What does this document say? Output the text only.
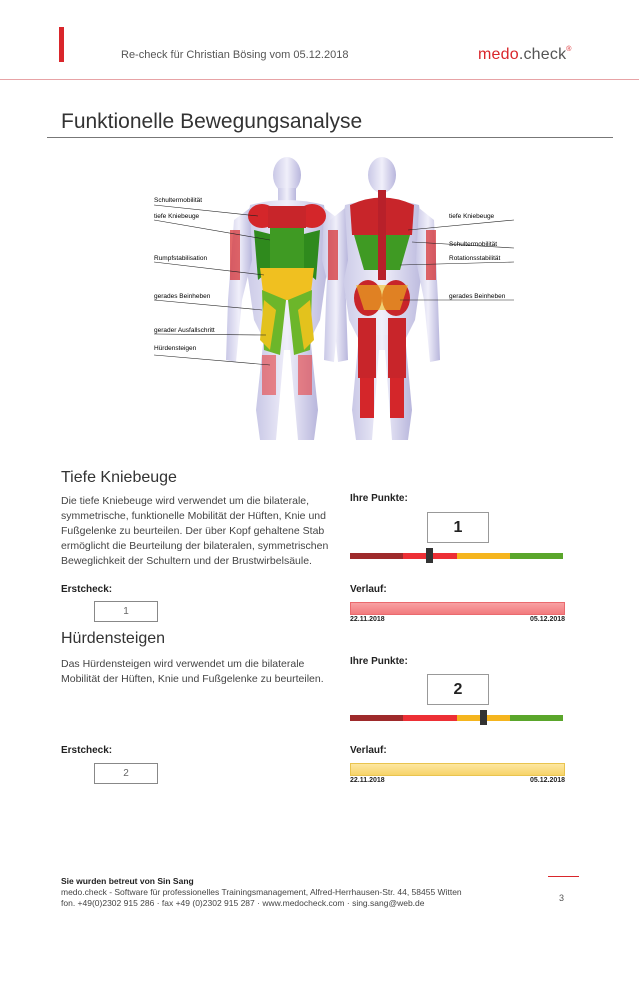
Re-check für Christian Bösing vom 05.12.2018	medo.check®
Funktionelle Bewegungsanalyse
Schultermobilität
tiefe Kniebeuge
Rumpfstabilisation
gerades Beinheben
gerader Ausfallschritt
Hürdensteigen
tiefe Kniebeuge
Schultermobilität
Rotationsstabilität
gerades Beinheben
Tiefe Kniebeuge
Die tiefe Kniebeuge wird verwendet um die bilaterale, symmetrische, funktionelle Mobilität der Hüften, Knie und Fußgelenke zu beurteilen. Der über Kopf gehaltene Stab ermöglicht die Beurteilung der bilateralen, symmetrischen Beweglichkeit der Schultern und der Brustwirbelsäule.
Ihre Punkte:
1
Erstcheck:
1
Verlauf:
22.11.2018	05.12.2018
Hürdensteigen
Das Hürdensteigen wird verwendet um die bilaterale Mobilität der Hüften, Knie und Fußgelenke zu beurteilen.
Ihre Punkte:
2
Erstcheck:
2
Verlauf:
22.11.2018	05.12.2018
Sie wurden betreut von Sin Sang
medo.check - Software für professionelles Trainingsmanagement, Alfred-Herrhausen-Str. 44, 58455 Witten
fon. +49(0)2302 915 286 · fax +49 (0)2302 915 287 · www.medocheck.com · sing.sang@web.de	3
